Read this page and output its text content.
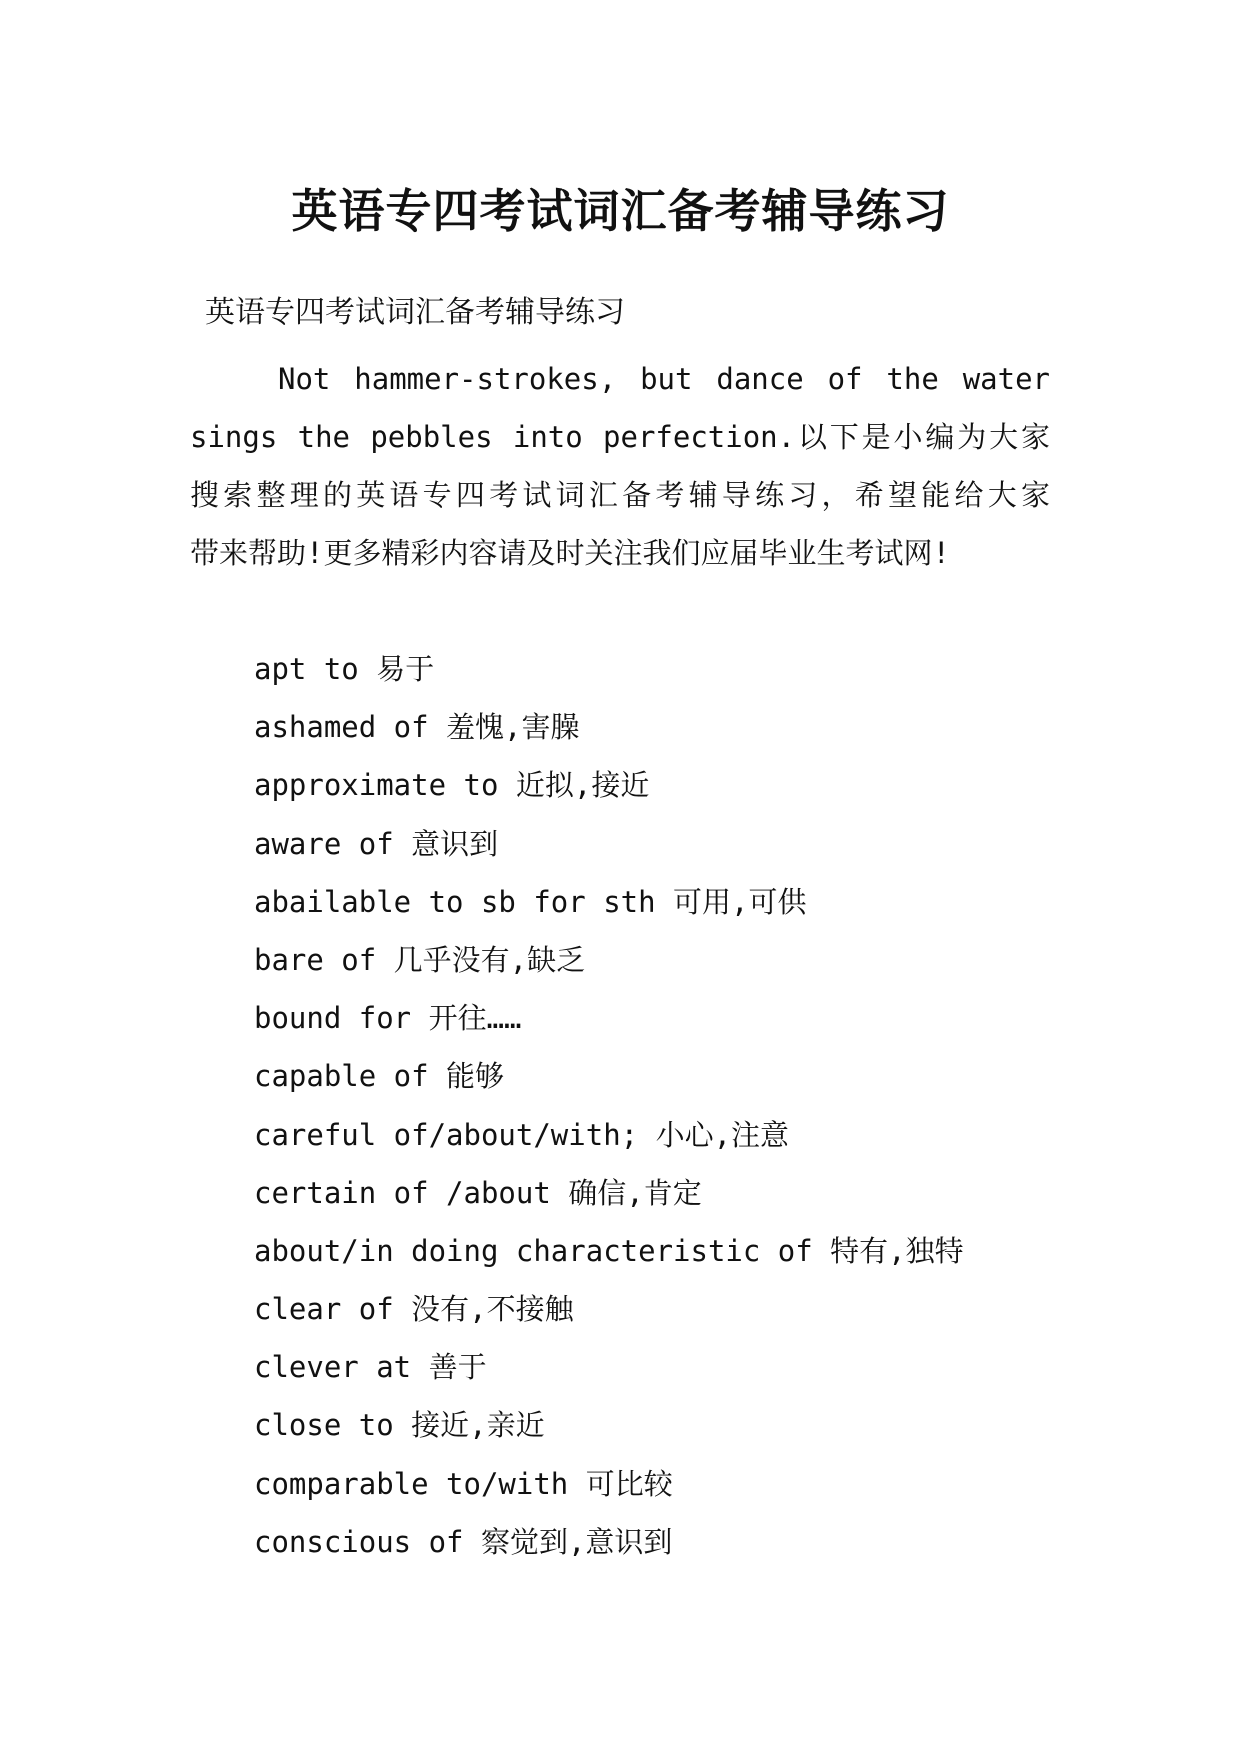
英语专四考试词汇备考辅导练习
英语专四考试词汇备考辅导练习
Not hammer-strokes, but dance of the water
sings the pebbles into perfection.以下是小编为大家
搜索整理的英语专四考试词汇备考辅导练习，希望能给大家
带来帮助!更多精彩内容请及时关注我们应届毕业生考试网!
apt to 易于
ashamed of 羞愧,害臊
approximate to 近拟,接近
aware of 意识到
abailable to sb for sth 可用,可供
bare of 几乎没有,缺乏
bound for 开往……
capable of 能够
careful of/about/with; 小心,注意
certain of /about 确信,肯定
about/in doing characteristic of 特有,独特
clear of 没有,不接触
clever at 善于
close to 接近,亲近
comparable to/with 可比较
conscious of 察觉到,意识到
